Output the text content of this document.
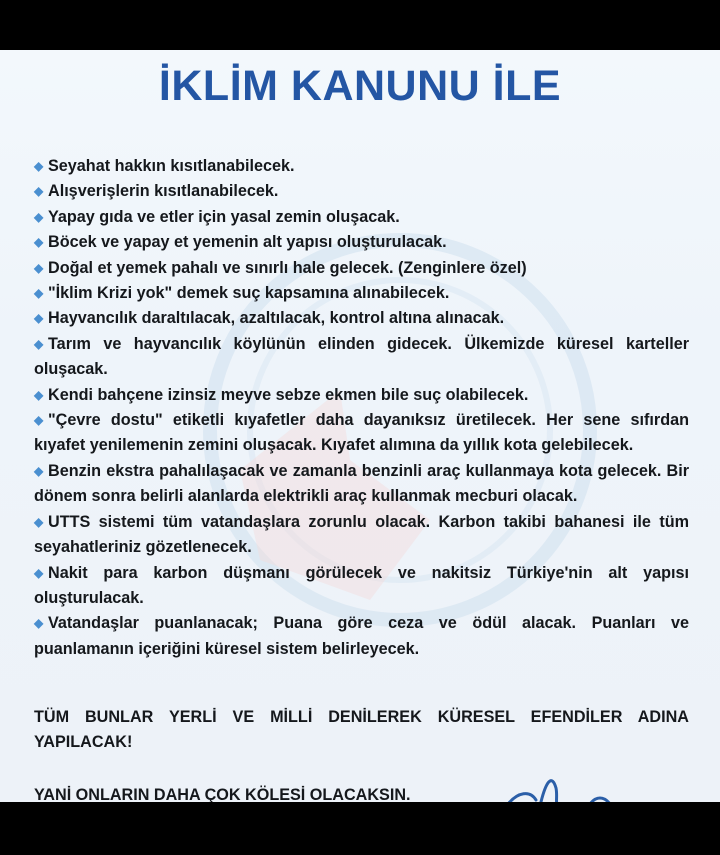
İKLİM KANUNU İLE
◆ Seyahat hakkın kısıtlanabilecek.
◆ Alışverişlerin kısıtlanabilecek.
◆ Yapay gıda ve etler için yasal zemin oluşacak.
◆ Böcek ve yapay et yemenin alt yapısı oluşturulacak.
◆ Doğal et yemek pahalı ve sınırlı hale gelecek. (Zenginlere özel)
◆ "İklim Krizi yok" demek suç kapsamına alınabilecek.
◆ Hayvancılık daraltılacak, azaltılacak, kontrol altına alınacak.
◆ Tarım ve hayvancılık köylünün elinden gidecek. Ülkemizde küresel karteller oluşacak.
◆ Kendi bahçene izinsiz meyve sebze ekmen bile suç olabilecek.
◆ "Çevre dostu" etiketli kıyafetler daha dayanıksız üretilecek. Her sene sıfırdan kıyafet yenilemenin zemini oluşacak. Kıyafet alımına da yıllık kota gelebilecek.
◆ Benzin ekstra pahalılaşacak ve zamanla benzinli araç kullanmaya kota gelecek. Bir dönem sonra belirli alanlarda elektrikli araç kullanmak mecburi olacak.
◆ UTTS sistemi tüm vatandaşlara zorunlu olacak. Karbon takibi bahanesi ile tüm seyahatleriniz gözetlenecek.
◆ Nakit para karbon düşmanı görülecek ve nakitsiz Türkiye'nin alt yapısı oluşturulacak.
◆ Vatandaşlar puanlanacak; Puana göre ceza ve ödül alacak. Puanları ve puanlamanın içeriğini küresel sistem belirleyecek.

TÜM BUNLAR YERLİ VE MİLLİ DENİLEREK KÜRESEL EFENDİLER ADINA YAPILACAK!

YANİ ONLARIN DAHA ÇOK KÖLESİ OLACAKSIN.
